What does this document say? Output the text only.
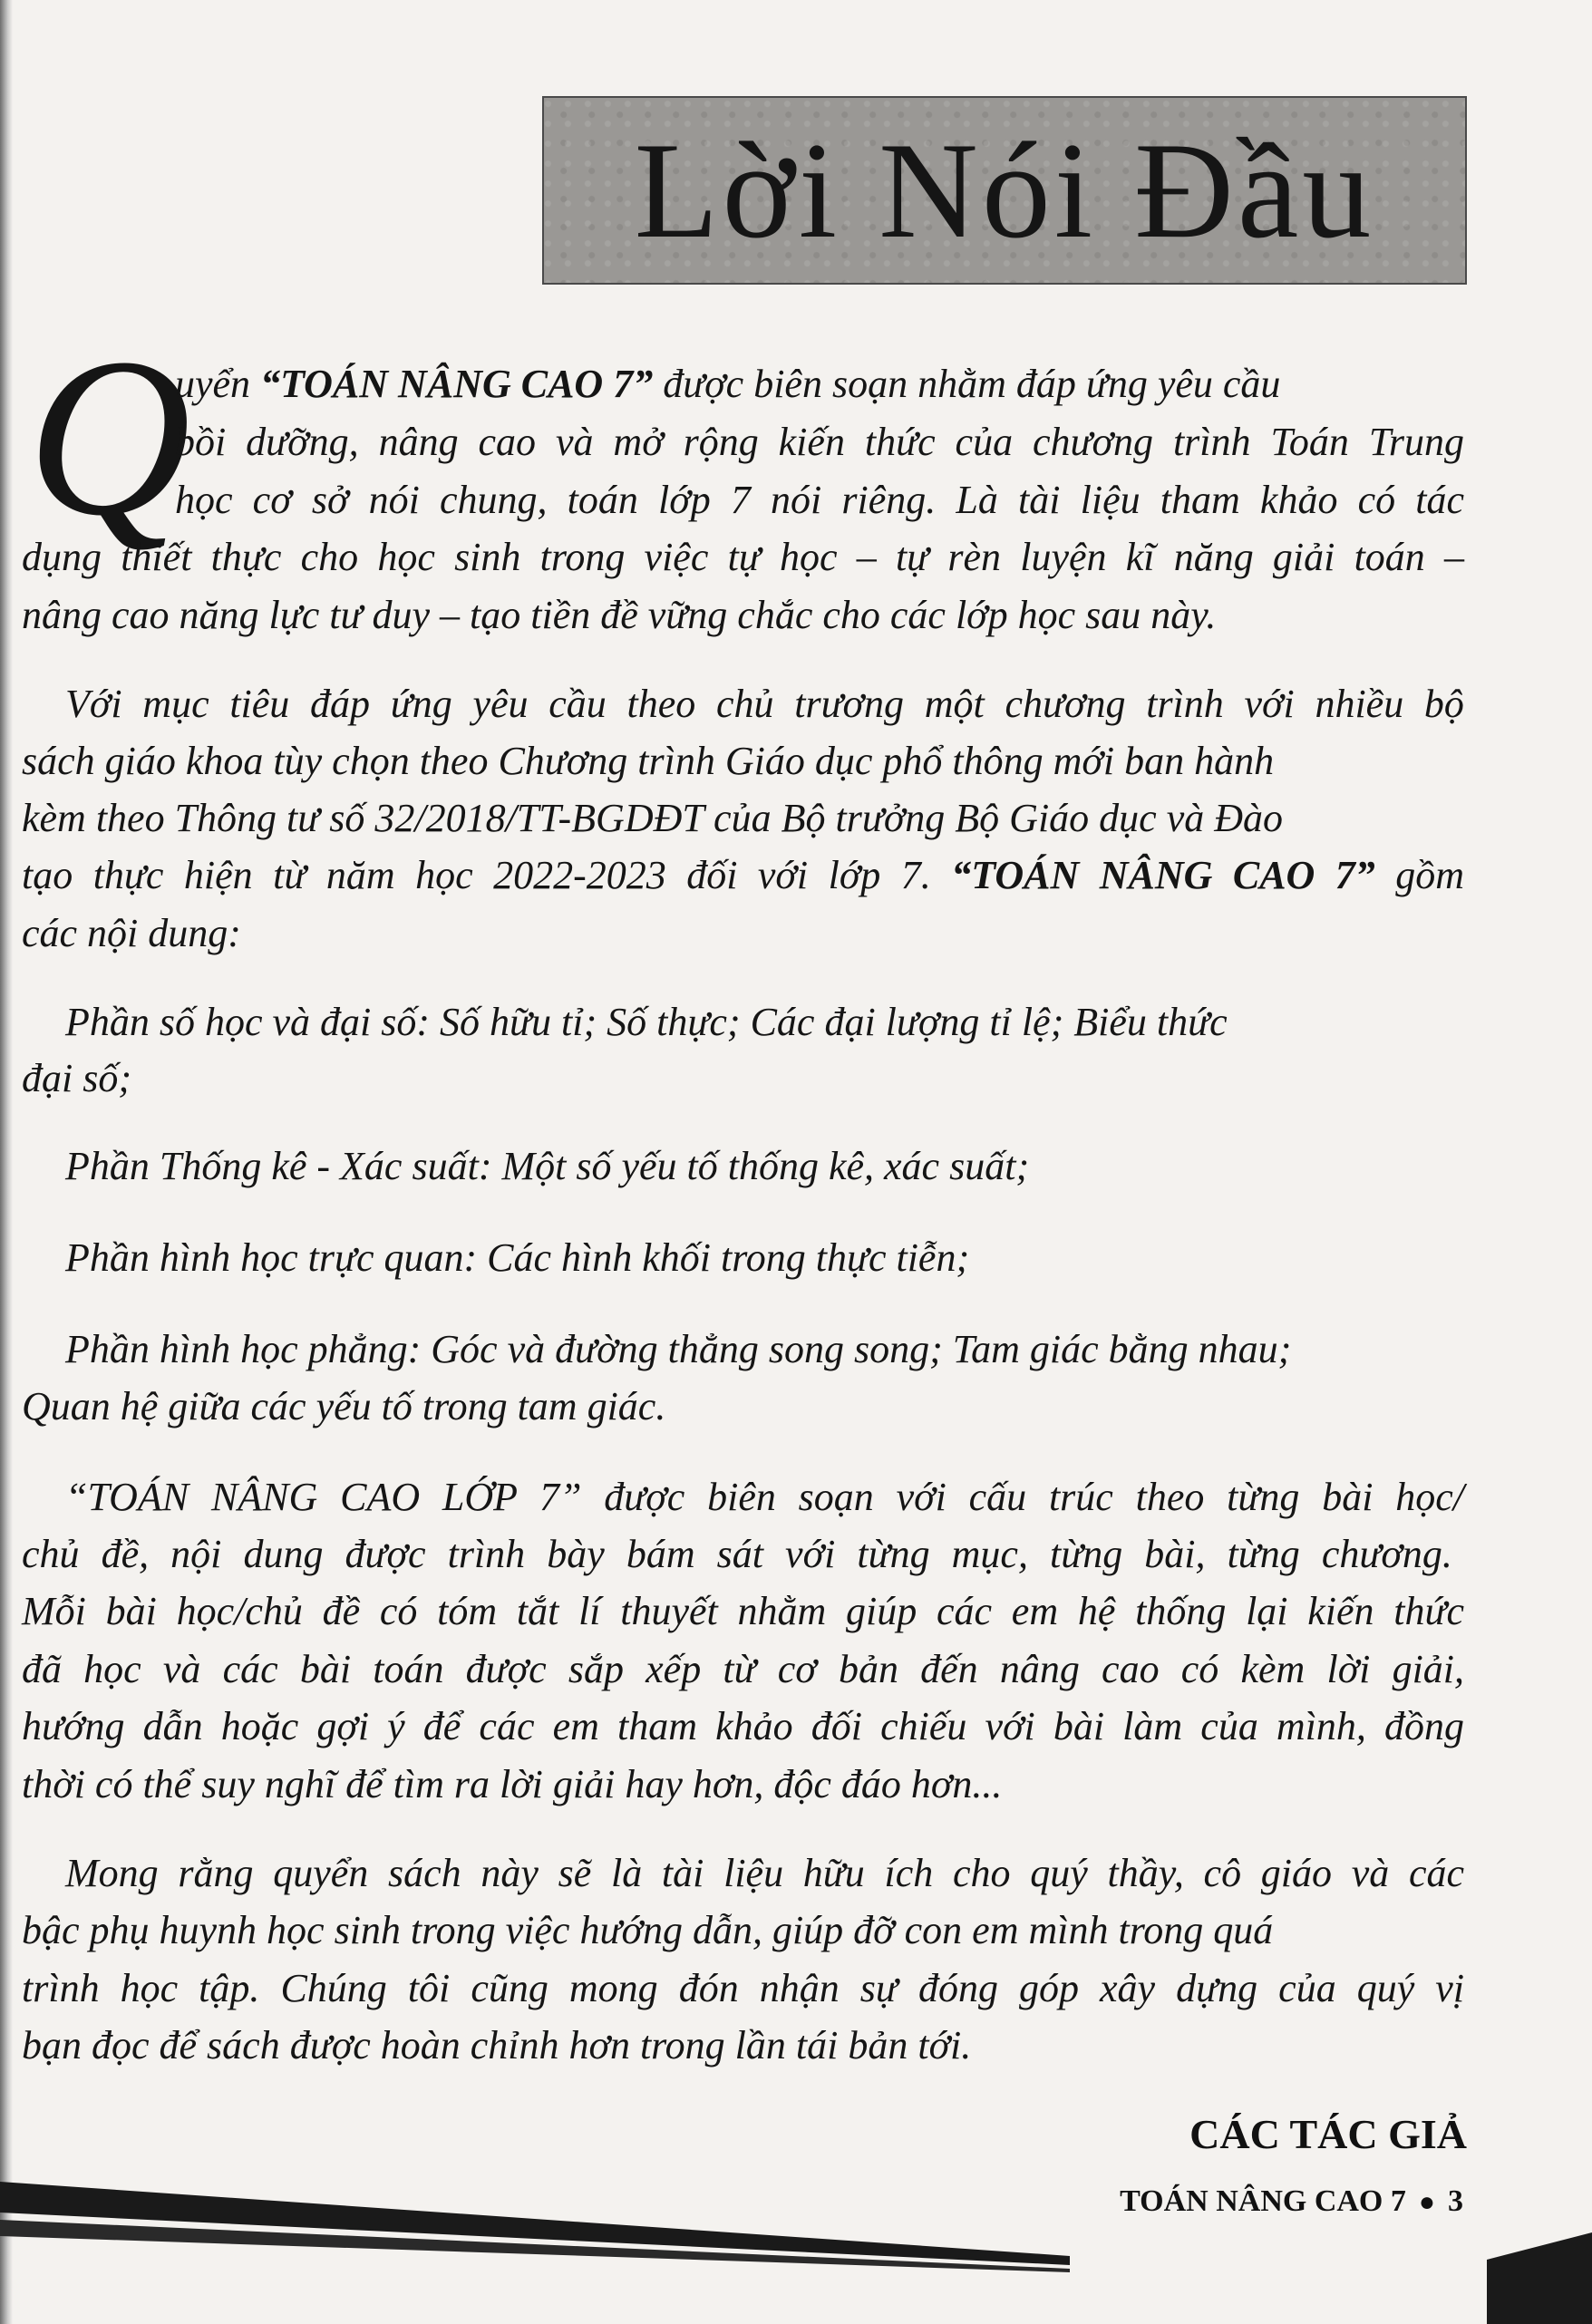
Lời Nói Đầu
Q
uyển “TOÁN NÂNG CAO 7” được biên soạn nhằm đáp ứng yêu cầu
bồi dưỡng, nâng cao và mở rộng kiến thức của chương trình Toán Trung
học cơ sở nói chung, toán lớp 7 nói riêng. Là tài liệu tham khảo có tác
dụng thiết thực cho học sinh trong việc tự học – tự rèn luyện kĩ năng giải toán –
nâng cao năng lực tư duy – tạo tiền đề vững chắc cho các lớp học sau này.
Với mục tiêu đáp ứng yêu cầu theo chủ trương một chương trình với nhiều bộ
sách giáo khoa tùy chọn theo Chương trình Giáo dục phổ thông mới ban hành
kèm theo Thông tư số 32/2018/TT-BGDĐT của Bộ trưởng Bộ Giáo dục và Đào
tạo thực hiện từ năm học 2022-2023 đối với lớp 7. “TOÁN NÂNG CAO 7” gồm
các nội dung:
Phần số học và đại số: Số hữu tỉ; Số thực; Các đại lượng tỉ lệ; Biểu thức
đại số;
Phần Thống kê - Xác suất: Một số yếu tố thống kê, xác suất;
Phần hình học trực quan: Các hình khối trong thực tiễn;
Phần hình học phẳng: Góc và đường thẳng song song; Tam giác bằng nhau;
Quan hệ giữa các yếu tố trong tam giác.
“TOÁN NÂNG CAO LỚP 7” được biên soạn với cấu trúc theo từng bài học/
chủ đề, nội dung được trình bày bám sát với từng mục, từng bài, từng chương.
Mỗi bài học/chủ đề có tóm tắt lí thuyết nhằm giúp các em hệ thống lại kiến thức
đã học và các bài toán được sắp xếp từ cơ bản đến nâng cao có kèm lời giải,
hướng dẫn hoặc gợi ý để các em tham khảo đối chiếu với bài làm của mình, đồng
thời có thể suy nghĩ để tìm ra lời giải hay hơn, độc đáo hơn...
Mong rằng quyển sách này sẽ là tài liệu hữu ích cho quý thầy, cô giáo và các
bậc phụ huynh học sinh trong việc hướng dẫn, giúp đỡ con em mình trong quá
trình học tập. Chúng tôi cũng mong đón nhận sự đóng góp xây dựng của quý vị
bạn đọc để sách được hoàn chỉnh hơn trong lần tái bản tới.
CÁC TÁC GIẢ
TOÁN NÂNG CAO 7 ● 3
